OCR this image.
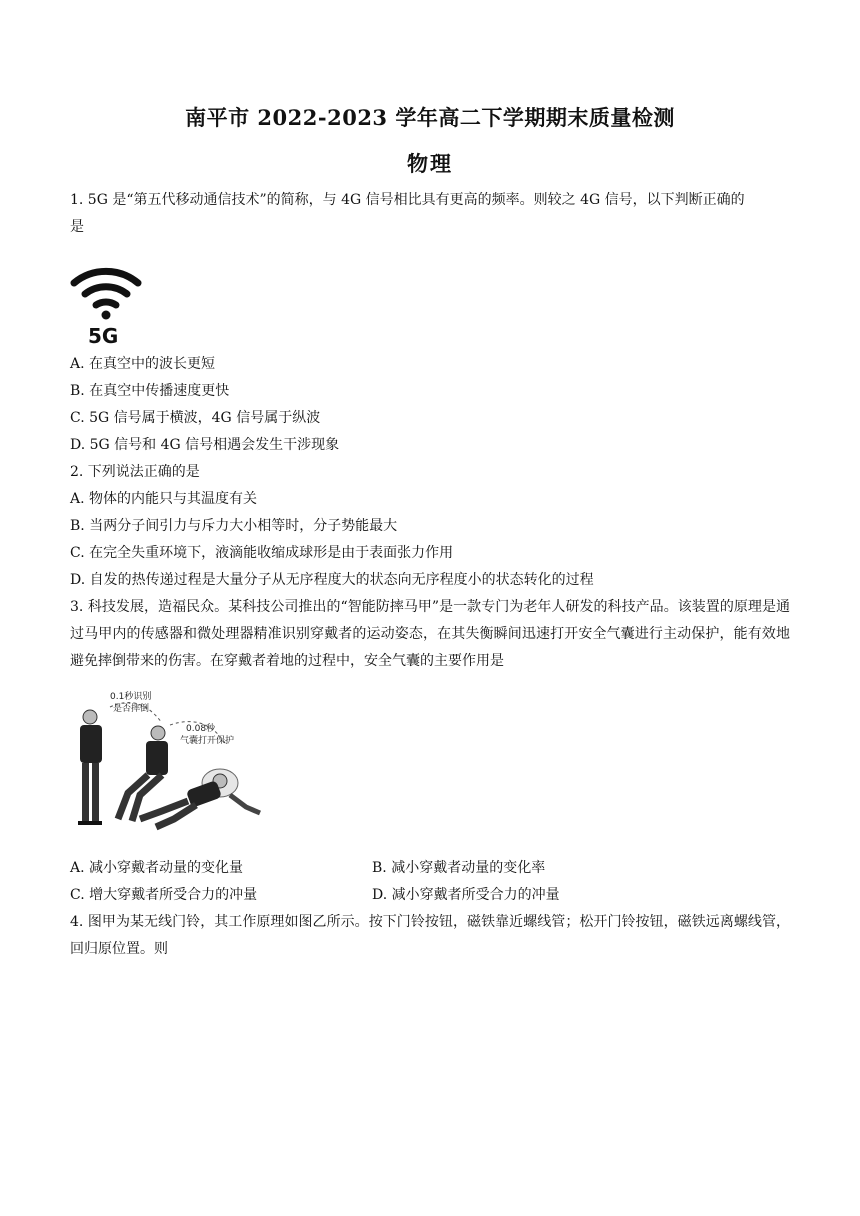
南平市 2022-2023 学年高二下学期期末质量检测
物理
1. 5G 是“第五代移动通信技术”的简称，与 4G 信号相比具有更高的频率。则较之 4G 信号，以下判断正确的
是
5G
A. 在真空中的波长更短
B. 在真空中传播速度更快
C. 5G 信号属于横波，4G 信号属于纵波
D. 5G 信号和 4G 信号相遇会发生干涉现象
2. 下列说法正确的是
A. 物体的内能只与其温度有关
B. 当两分子间引力与斥力大小相等时，分子势能最大
C. 在完全失重环境下，液滴能收缩成球形是由于表面张力作用
D. 自发的热传递过程是大量分子从无序程度大的状态向无序程度小的状态转化的过程
3. 科技发展，造福民众。某科技公司推出的“智能防摔马甲”是一款专门为老年人研发的科技产品。该装置的原理是通过马甲内的传感器和微处理器精准识别穿戴者的运动姿态，在其失衡瞬间迅速打开安全气囊进行主动保护，能有效地避免摔倒带来的伤害。在穿戴者着地的过程中，安全气囊的主要作用是
0.1秒识别
是否摔倒
0.08秒
气囊打开保护
A. 减小穿戴者动量的变化量	B. 减小穿戴者动量的变化率
C. 增大穿戴者所受合力的冲量	D. 减小穿戴者所受合力的冲量
4. 图甲为某无线门铃，其工作原理如图乙所示。按下门铃按钮，磁铁靠近螺线管；松开门铃按钮，磁铁远离螺线管，回归原位置。则
